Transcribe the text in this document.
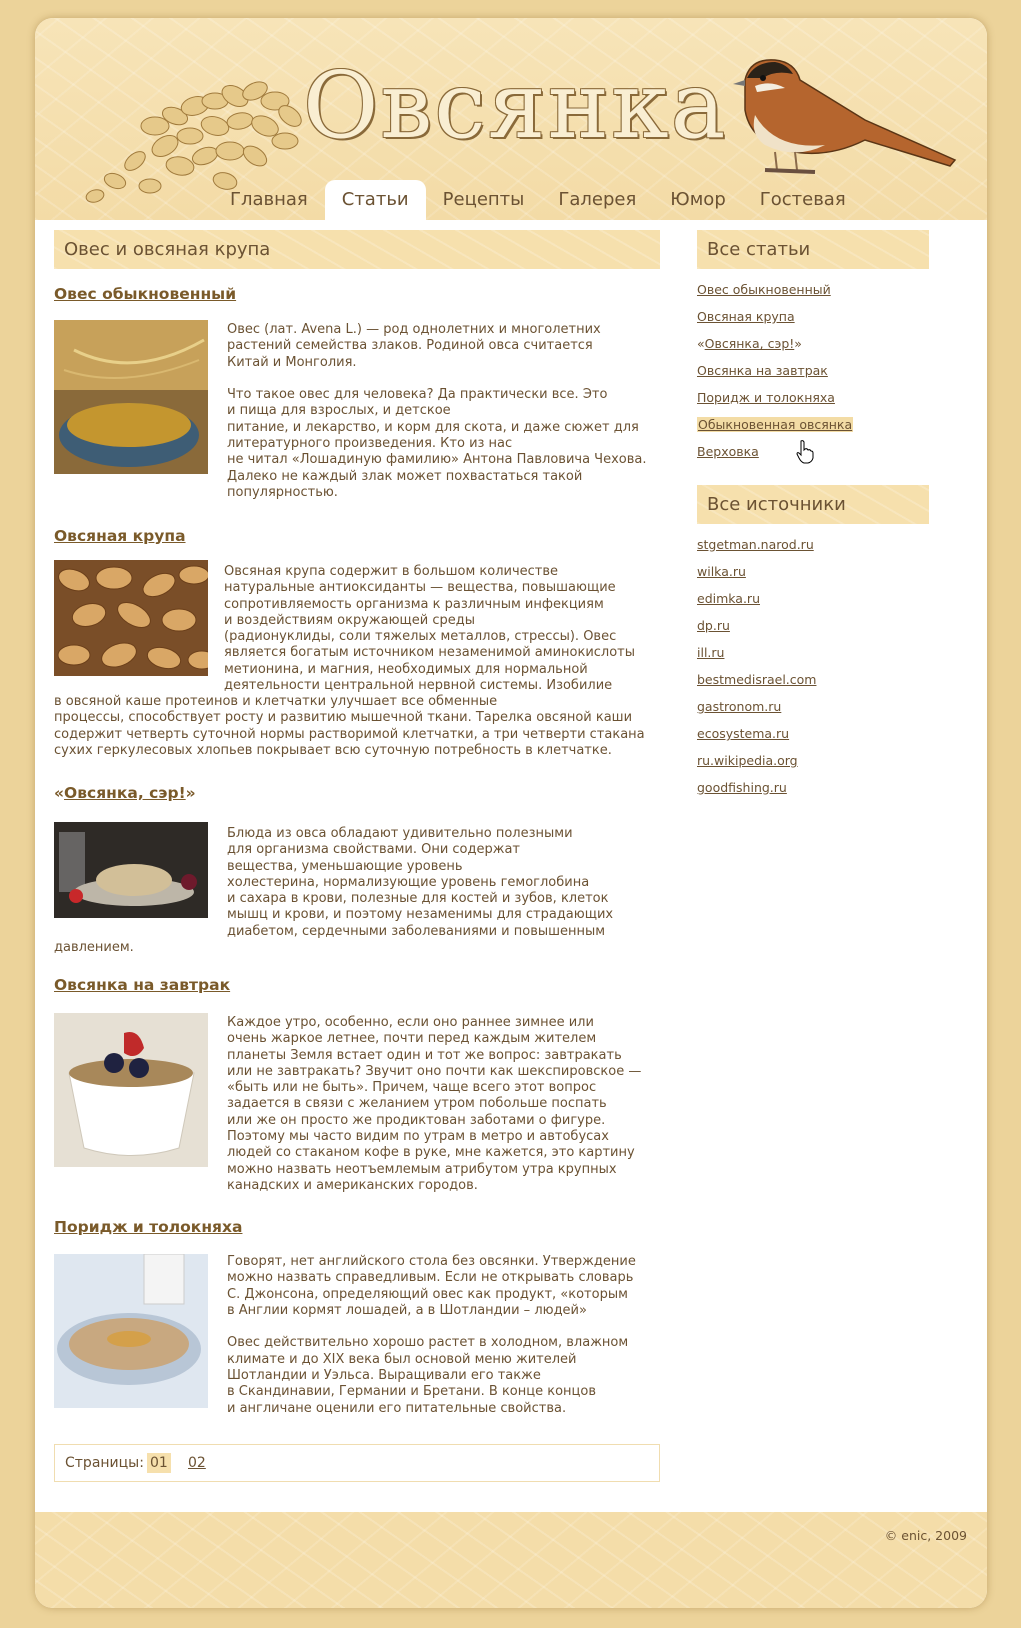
Овсянка
Главная	Статьи	Рецепты	Галерея	Юмор	Гостевая
Овес и овсяная крупа
Овес обыкновенный
Овес (лат. Avena L.) — род однолетних и многолетних
растений семейства злаков. Родиной овса считается
Китай и Монголия.

Что такое овес для человека? Да практически все. Это
и пища для взрослых, и детское
питание, и лекарство, и корм для скота, и даже сюжет для
литературного произведения. Кто из нас
не читал «Лошадиную фамилию» Антона Павловича Чехова.
Далеко не каждый злак может похвастаться такой
популярностью.
Овсяная крупа
Овсяная крупа содержит в большом количестве
натуральные антиоксиданты — вещества, повышающие
сопротивляемость организма к различным инфекциям
и воздействиям окружающей среды
(радионуклиды, соли тяжелых металлов, стрессы). Овес
является богатым источником незаменимой аминокислоты
метионина, и магния, необходимых для нормальной
деятельности центральной нервной системы. Изобилие
в овсяной каше протеинов и клетчатки улучшает все обменные
процессы, способствует росту и развитию мышечной ткани. Тарелка овсяной каши
содержит четверть суточной нормы растворимой клетчатки, а три четверти стакана
сухих геркулесовых хлопьев покрывает всю суточную потребность в клетчатке.
«Овсянка, сэр!»
Блюда из овса обладают удивительно полезными
для организма свойствами. Они содержат
вещества, уменьшающие уровень
холестерина, нормализующие уровень гемоглобина
и сахара в крови, полезные для костей и зубов, клеток
мышц и крови, и поэтому незаменимы для страдающих
диабетом, сердечными заболеваниями и повышенным
давлением.
Овсянка на завтрак
Каждое утро, особенно, если оно раннее зимнее или
очень жаркое летнее, почти перед каждым жителем
планеты Земля встает один и тот же вопрос: завтракать
или не завтракать? Звучит оно почти как шекспировское —
«быть или не быть». Причем, чаще всего этот вопрос
задается в связи с желанием утром побольше поспать
или же он просто же продиктован заботами о фигуре.
Поэтому мы часто видим по утрам в метро и автобусах
людей со стаканом кофе в руке, мне кажется, это картину
можно назвать неотъемлемым атрибутом утра крупных
канадских и американских городов.
Поридж и толокняха
Говорят, нет английского стола без овсянки. Утверждение
можно назвать справедливым. Если не открывать словарь
С. Джонсона, определяющий овес как продукт, «которым
в Англии кормят лошадей, а в Шотландии – людей»

Овес действительно хорошо растет в холодном, влажном
климате и до XIX века был основой меню жителей
Шотландии и Уэльса. Выращивали его также
в Скандинавии, Германии и Бретани. В конце концов
и англичане оценили его питательные свойства.
Страницы: 01 02
Все статьи
Овес обыкновенный
Овсяная крупа
«Овсянка, сэр!»
Овсянка на завтрак
Поридж и толокняха
Обыкновенная овсянка
Верховка
Все источники
stgetman.narod.ru
wilka.ru
edimka.ru
dp.ru
ill.ru
bestmedisrael.com
gastronom.ru
ecosystema.ru
ru.wikipedia.org
goodfishing.ru
© enic, 2009
